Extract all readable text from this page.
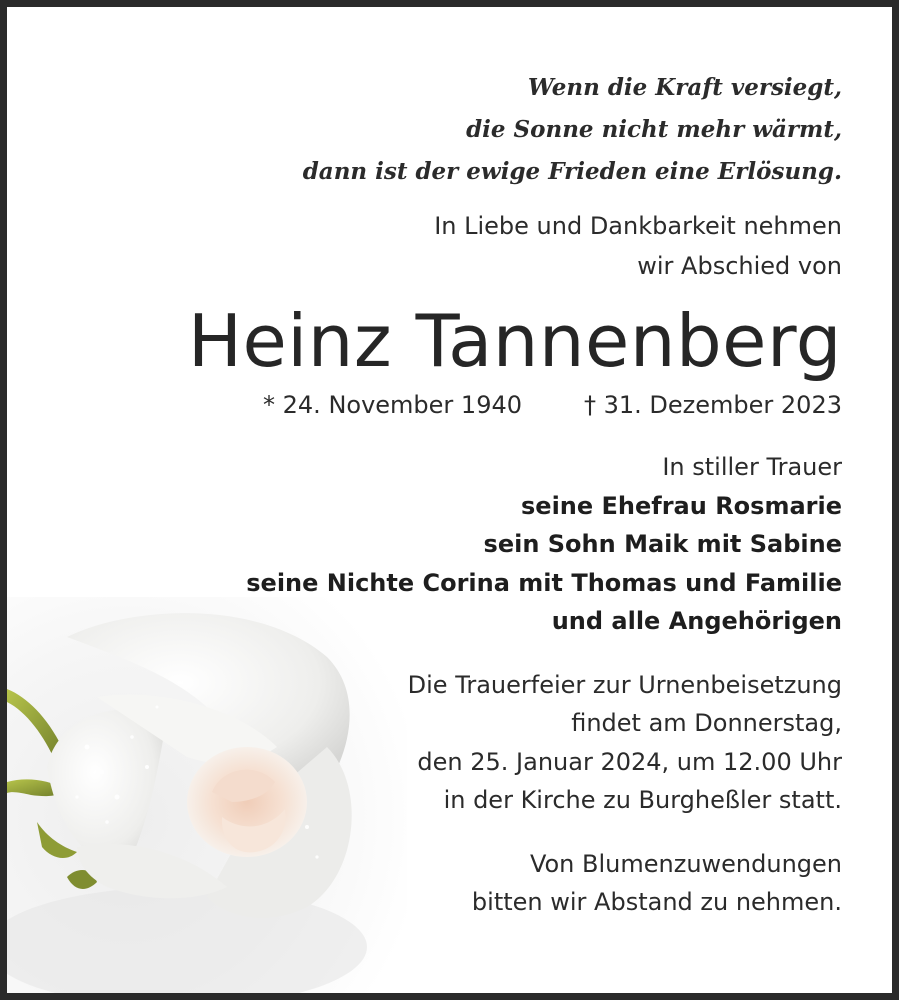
Wenn die Kraft versiegt,
die Sonne nicht mehr wärmt,
dann ist der ewige Frieden eine Erlösung.
In Liebe und Dankbarkeit nehmen
wir Abschied von
Heinz Tannenberg
* 24. November 1940	† 31. Dezember 2023
In stiller Trauer
seine Ehefrau Rosmarie
sein Sohn Maik mit Sabine
seine Nichte Corina mit Thomas und Familie
und alle Angehörigen
Die Trauerfeier zur Urnenbeisetzung
findet am Donnerstag,
den 25. Januar 2024, um 12.00 Uhr
in der Kirche zu Burgheßler statt.
Von Blumenzuwendungen
bitten wir Abstand zu nehmen.
